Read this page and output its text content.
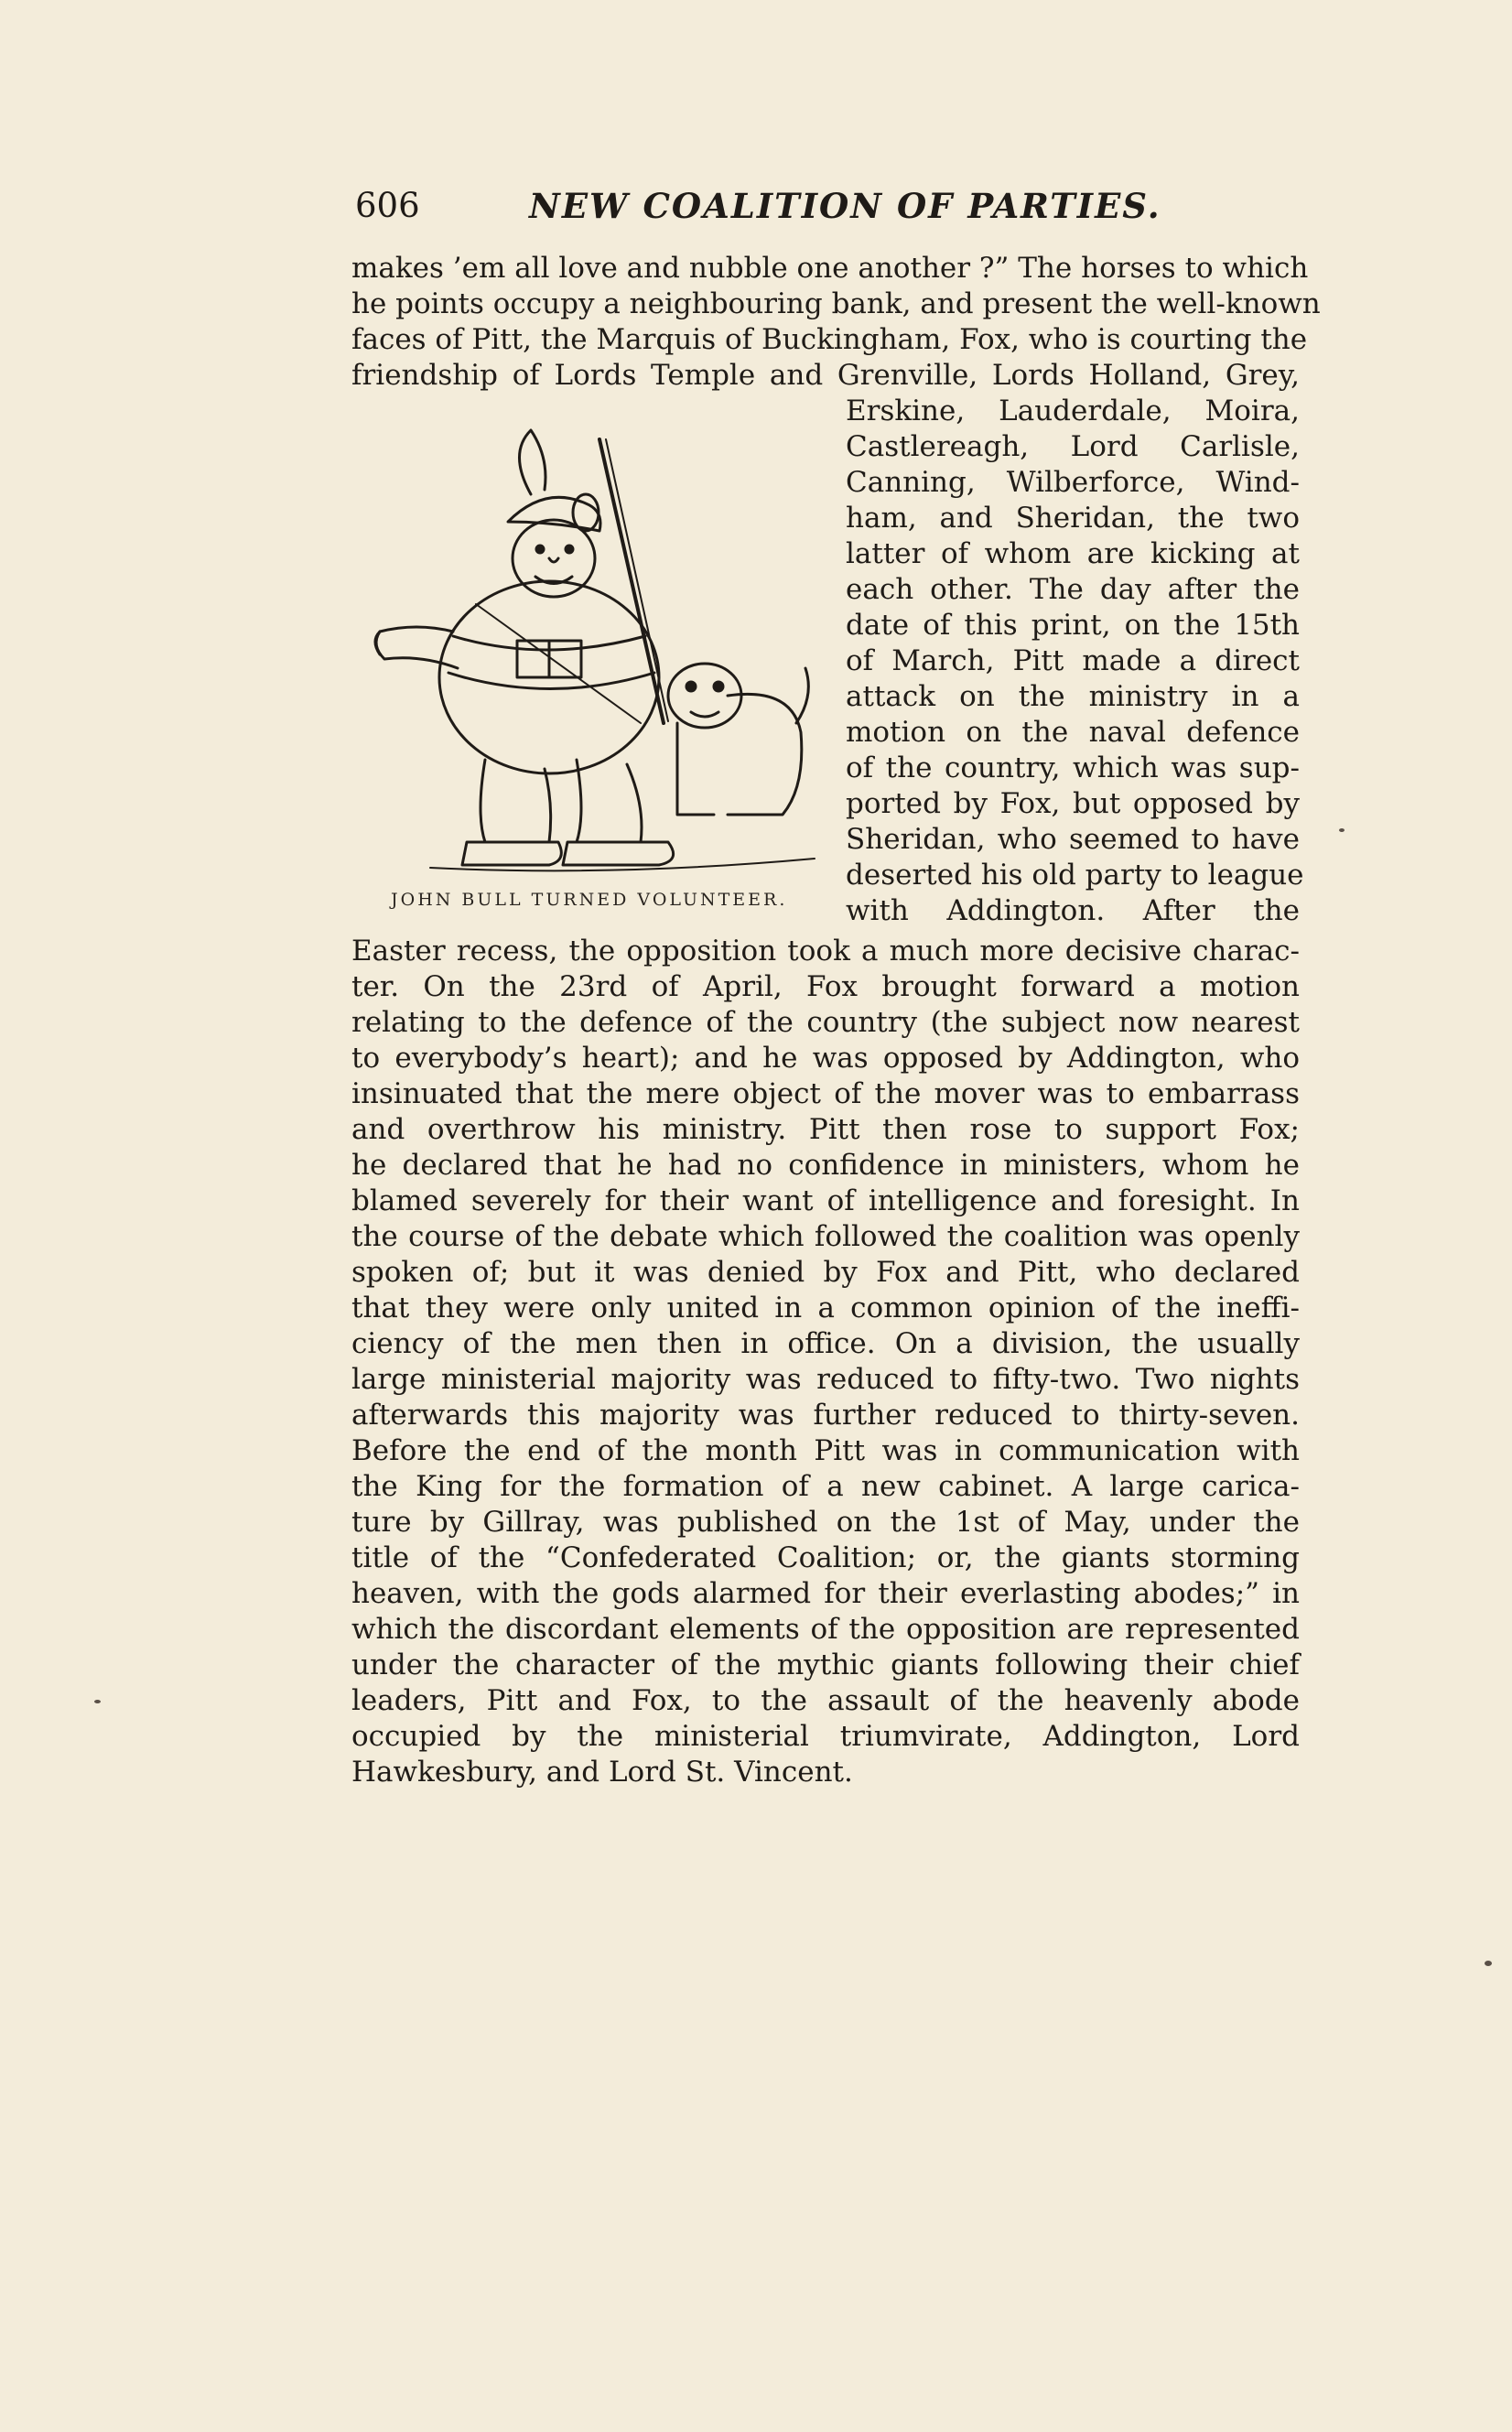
606	NEW COALITION OF PARTIES.
makes ’em all love and nubble one another ?” The horses to which
he points occupy a neighbouring bank, and present the well-known
faces of Pitt, the Marquis of Buckingham, Fox, who is courting the
friendship of Lords Temple and Grenville, Lords Holland, Grey,
Erskine, Lauderdale, Moira,
Castlereagh, Lord Carlisle,
Canning, Wilberforce, Wind-
ham, and Sheridan, the two
latter of whom are kicking at
each other. The day after the
date of this print, on the 15th
of March, Pitt made a direct
attack on the ministry in a
motion on the naval defence
of the country, which was sup-
ported by Fox, but opposed by
Sheridan, who seemed to have
deserted his old party to league
with Addington. After the
Easter recess, the opposition took a much more decisive charac-
ter. On the 23rd of April, Fox brought forward a motion
relating to the defence of the country (the subject now nearest
to everybody’s heart); and he was opposed by Addington, who
insinuated that the mere object of the mover was to embarrass
and overthrow his ministry. Pitt then rose to support Fox;
he declared that he had no confidence in ministers, whom he
blamed severely for their want of intelligence and foresight. In
the course of the debate which followed the coalition was openly
spoken of; but it was denied by Fox and Pitt, who declared
that they were only united in a common opinion of the ineffi-
ciency of the men then in office. On a division, the usually
large ministerial majority was reduced to fifty-two. Two nights
afterwards this majority was further reduced to thirty-seven.
Before the end of the month Pitt was in communication with
the King for the formation of a new cabinet. A large carica-
ture by Gillray, was published on the 1st of May, under the
title of the “Confederated Coalition; or, the giants storming
heaven, with the gods alarmed for their everlasting abodes;” in
which the discordant elements of the opposition are represented
under the character of the mythic giants following their chief
leaders, Pitt and Fox, to the assault of the heavenly abode
occupied by the ministerial triumvirate, Addington, Lord
Hawkesbury, and Lord St. Vincent.
JOHN BULL TURNED VOLUNTEER.
